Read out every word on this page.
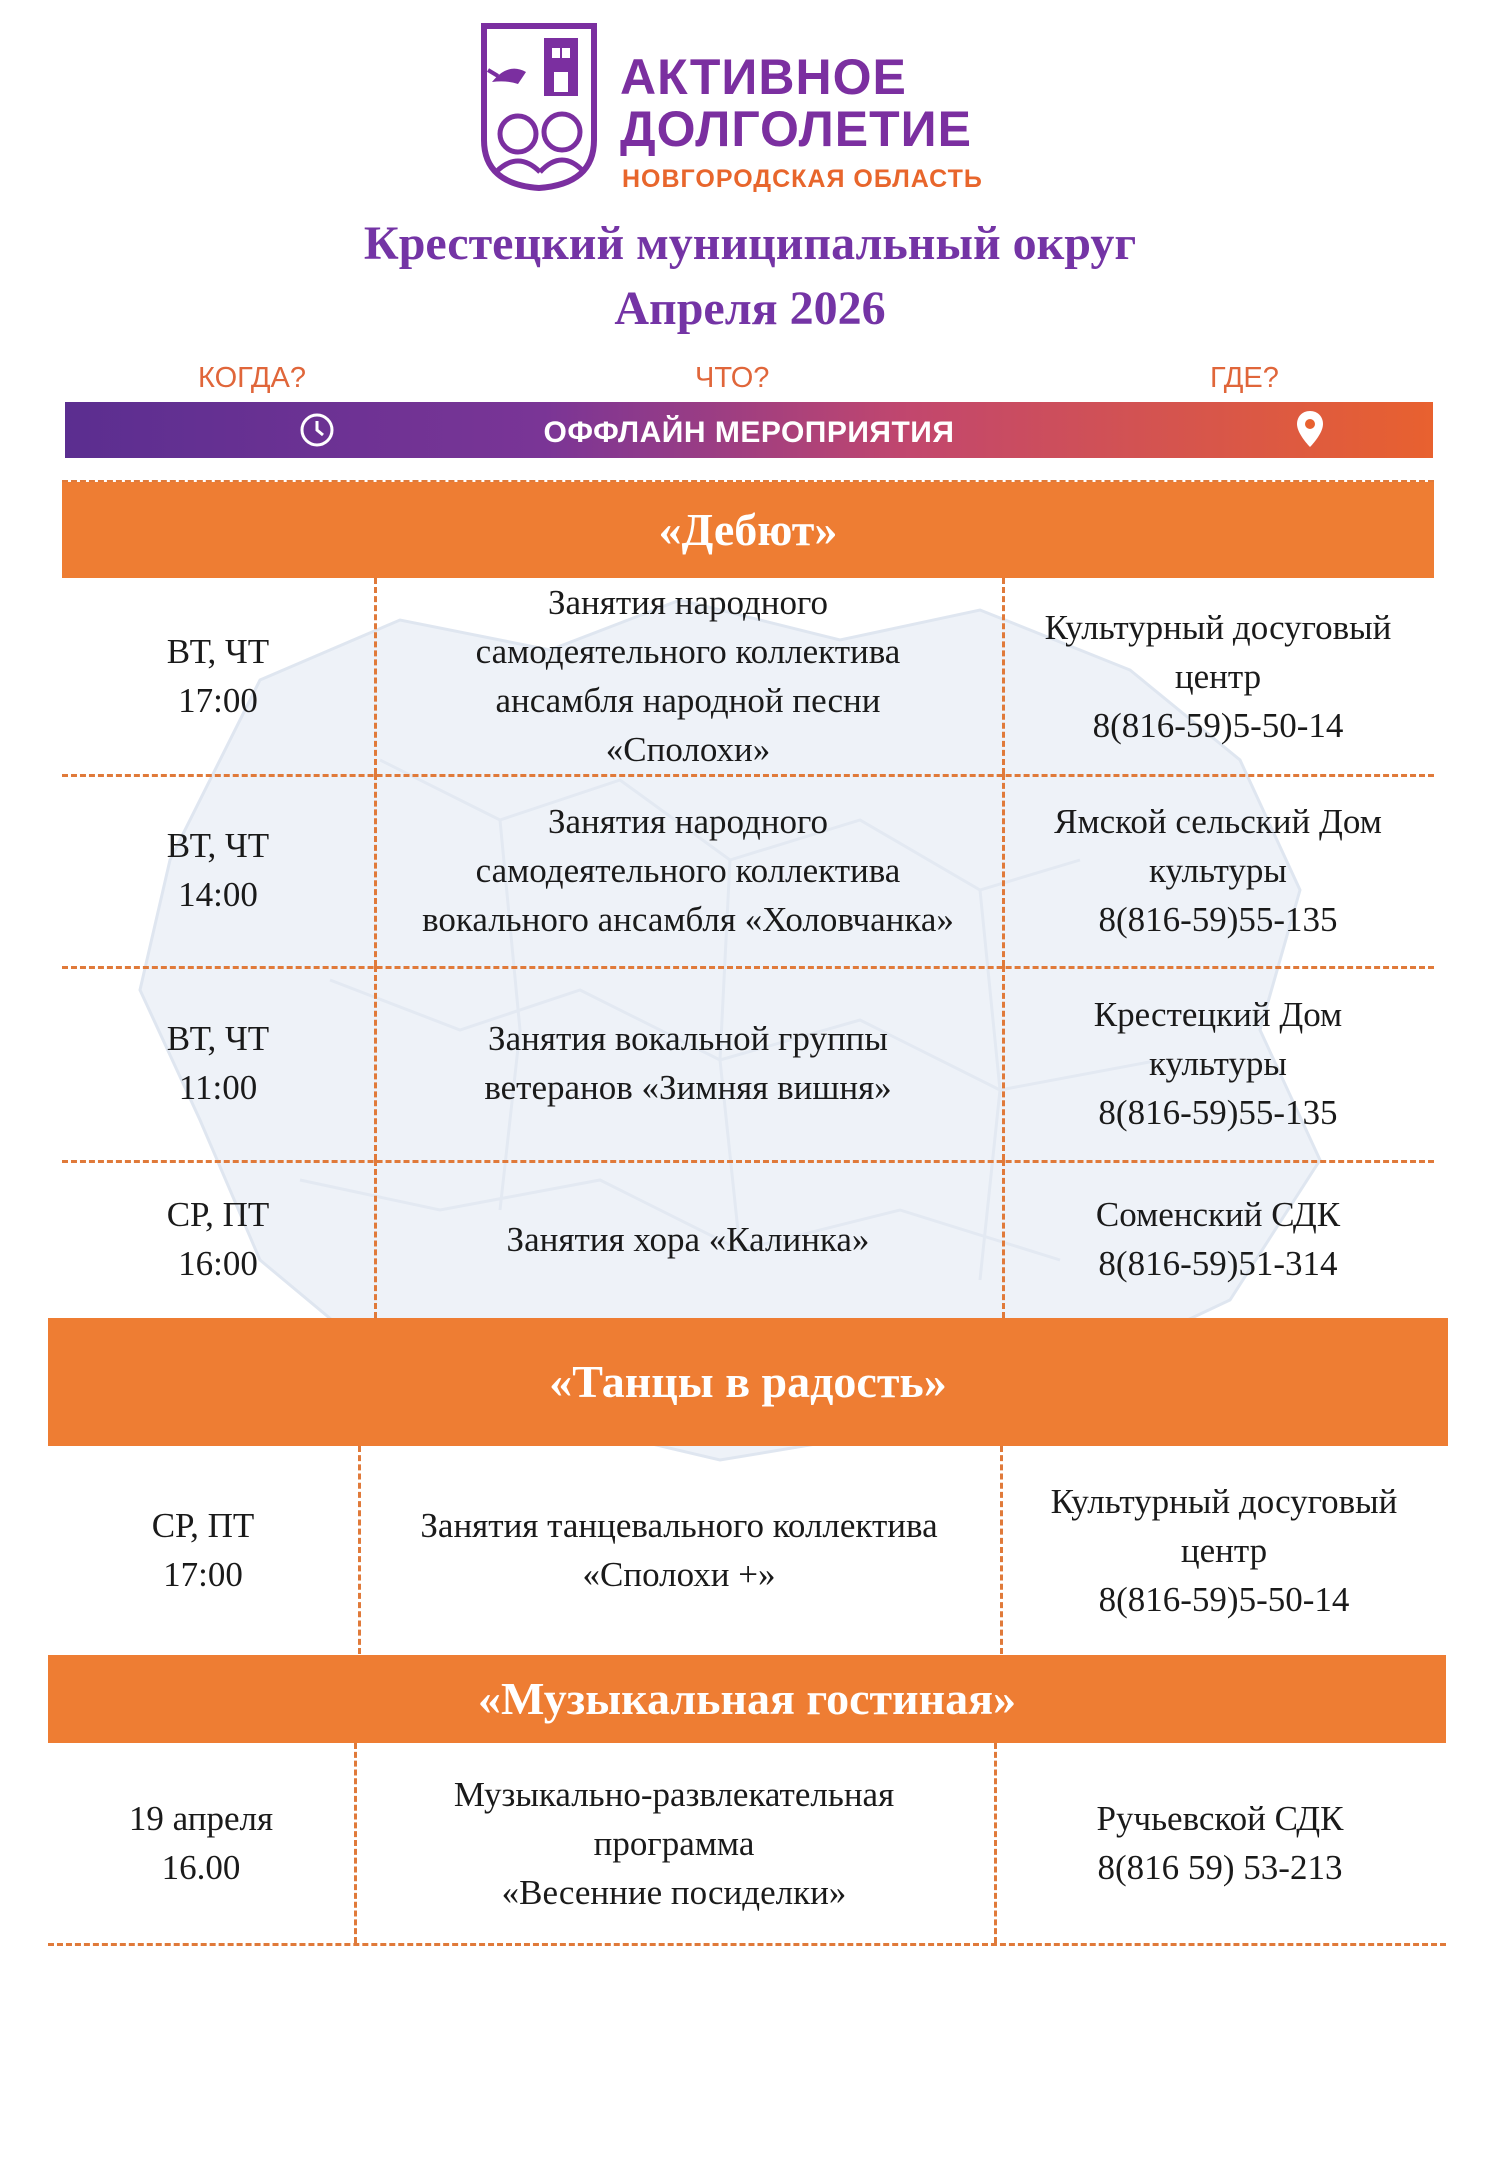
АКТИВНОЕ
ДОЛГОЛЕТИЕ
НОВГОРОДСКАЯ ОБЛАСТЬ
Крестецкий муниципальный округ
Апреля 2026
КОГДА?	ЧТО?	ГДЕ?
ОФФЛАЙН МЕРОПРИЯТИЯ
«Дебют»
ВТ, ЧТ
17:00
Занятия народного
самодеятельного коллектива
ансамбля народной песни
«Сполохи»
Культурный досуговый
центр
8(816-59)5-50-14
ВТ, ЧТ
14:00
Занятия народного
самодеятельного коллектива
вокального ансамбля «Холовчанка»
Ямской сельский Дом
культуры
8(816-59)55-135
ВТ, ЧТ
11:00
Занятия вокальной группы
ветеранов «Зимняя вишня»
Крестецкий Дом
культуры
8(816-59)55-135
СР, ПТ
16:00
Занятия хора «Калинка»
Соменский СДК
8(816-59)51-314
«Танцы в радость»
СР, ПТ
17:00
Занятия танцевального коллектива
«Сполохи +»
Культурный досуговый
центр
8(816-59)5-50-14
«Музыкальная гостиная»
19 апреля
16.00
Музыкально-развлекательная
программа
«Весенние посиделки»
Ручьевской СДК
8(816 59) 53-213
